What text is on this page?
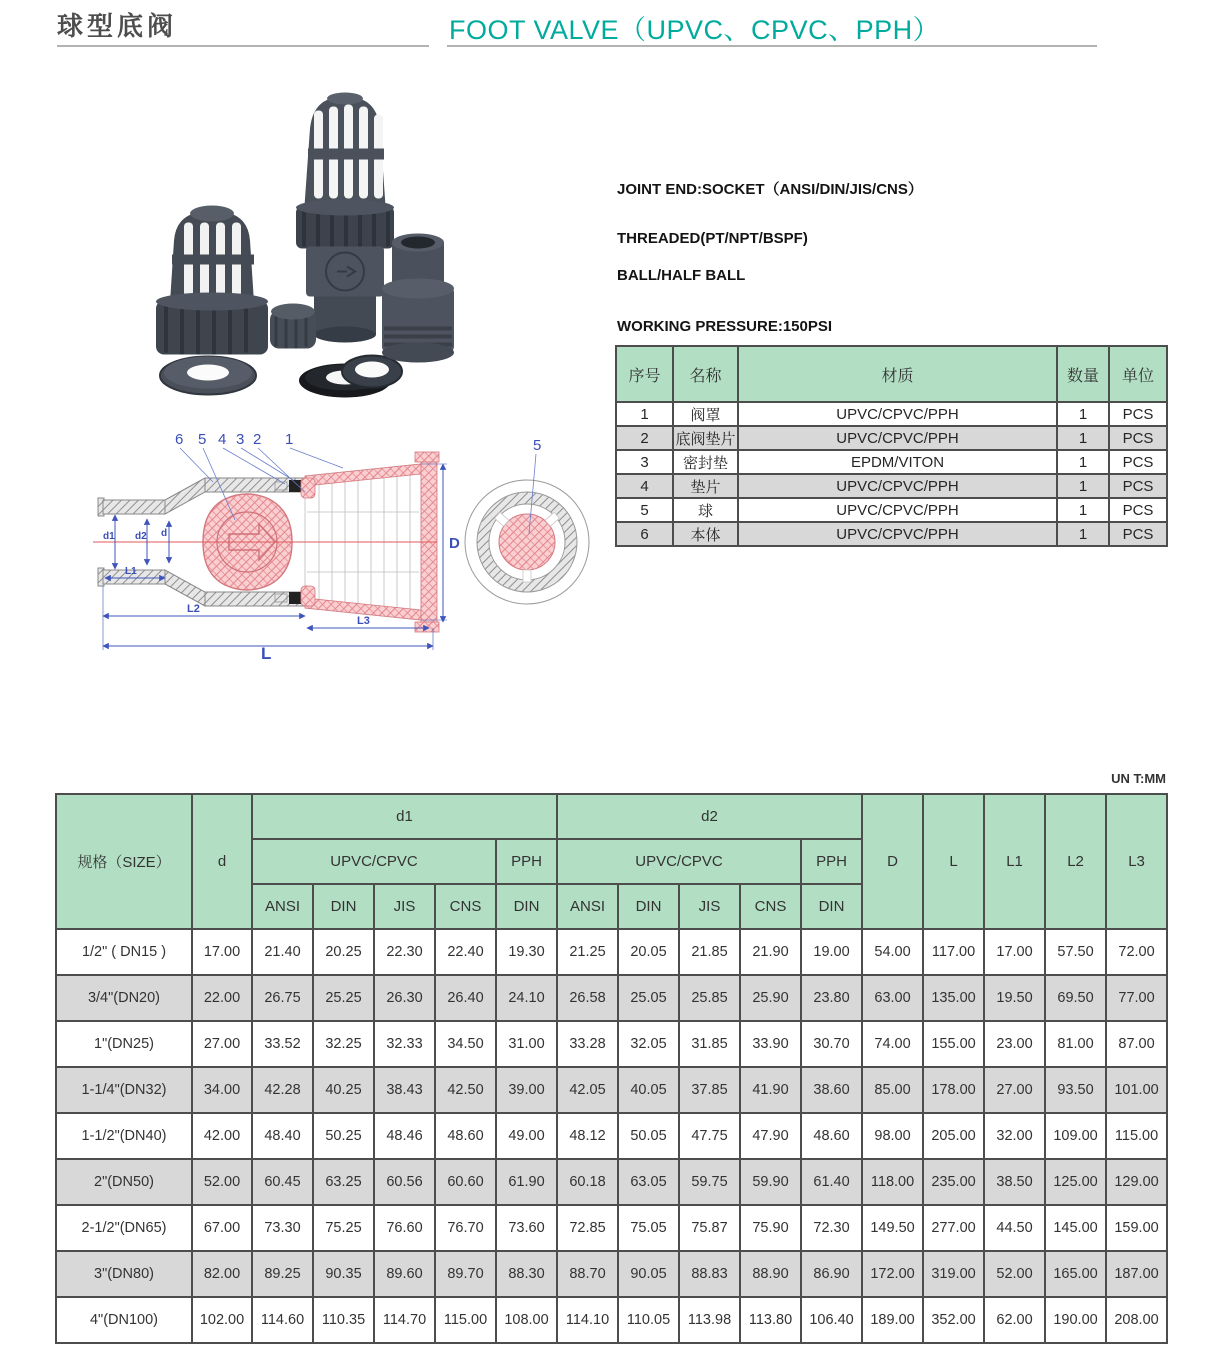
球型底阀	FOOT VALVE（UPVC、CPVC、PPH）
d1 d2 d
L1
L2
L3
L
D
6 5 4 3 2 1	5

JOINT END:SOCKET（ANSI/DIN/JIS/CNS）

THREADED(PT/NPT/BSPF)

BALL/HALF BALL

WORKING PRESSURE:150PSI

序号	名称	材质	数量	单位
1	阀罩	UPVC/CPVC/PPH	1	PCS
2	底阀垫片	UPVC/CPVC/PPH	1	PCS
3	密封垫	EPDM/VITON	1	PCS
4	垫片	UPVC/CPVC/PPH	1	PCS
5	球	UPVC/CPVC/PPH	1	PCS
6	本体	UPVC/CPVC/PPH	1	PCS
UN T:MM
规格（SIZE）	d	d1					d2					D	L	L1	L2	L3
		UPVC/CPVC				PPH	UPVC/CPVC				PPH					
		ANSI	DIN	JIS	CNS	DIN	ANSI	DIN	JIS	CNS	DIN					
1/2" ( DN15 )	17.00	21.40	20.25	22.30	22.40	19.30	21.25	20.05	21.85	21.90	19.00	54.00	117.00	17.00	57.50	72.00
3/4"(DN20)	22.00	26.75	25.25	26.30	26.40	24.10	26.58	25.05	25.85	25.90	23.80	63.00	135.00	19.50	69.50	77.00
1"(DN25)	27.00	33.52	32.25	32.33	34.50	31.00	33.28	32.05	31.85	33.90	30.70	74.00	155.00	23.00	81.00	87.00
1-1/4"(DN32)	34.00	42.28	40.25	38.43	42.50	39.00	42.05	40.05	37.85	41.90	38.60	85.00	178.00	27.00	93.50	101.00
1-1/2"(DN40)	42.00	48.40	50.25	48.46	48.60	49.00	48.12	50.05	47.75	47.90	48.60	98.00	205.00	32.00	109.00	115.00
2"(DN50)	52.00	60.45	63.25	60.56	60.60	61.90	60.18	63.05	59.75	59.90	61.40	118.00	235.00	38.50	125.00	129.00
2-1/2"(DN65)	67.00	73.30	75.25	76.60	76.70	73.60	72.85	75.05	75.87	75.90	72.30	149.50	277.00	44.50	145.00	159.00
3"(DN80)	82.00	89.25	90.35	89.60	89.70	88.30	88.70	90.05	88.83	88.90	86.90	172.00	319.00	52.00	165.00	187.00
4"(DN100)	102.00	114.60	110.35	114.70	115.00	108.00	114.10	110.05	113.98	113.80	106.40	189.00	352.00	62.00	190.00	208.00
